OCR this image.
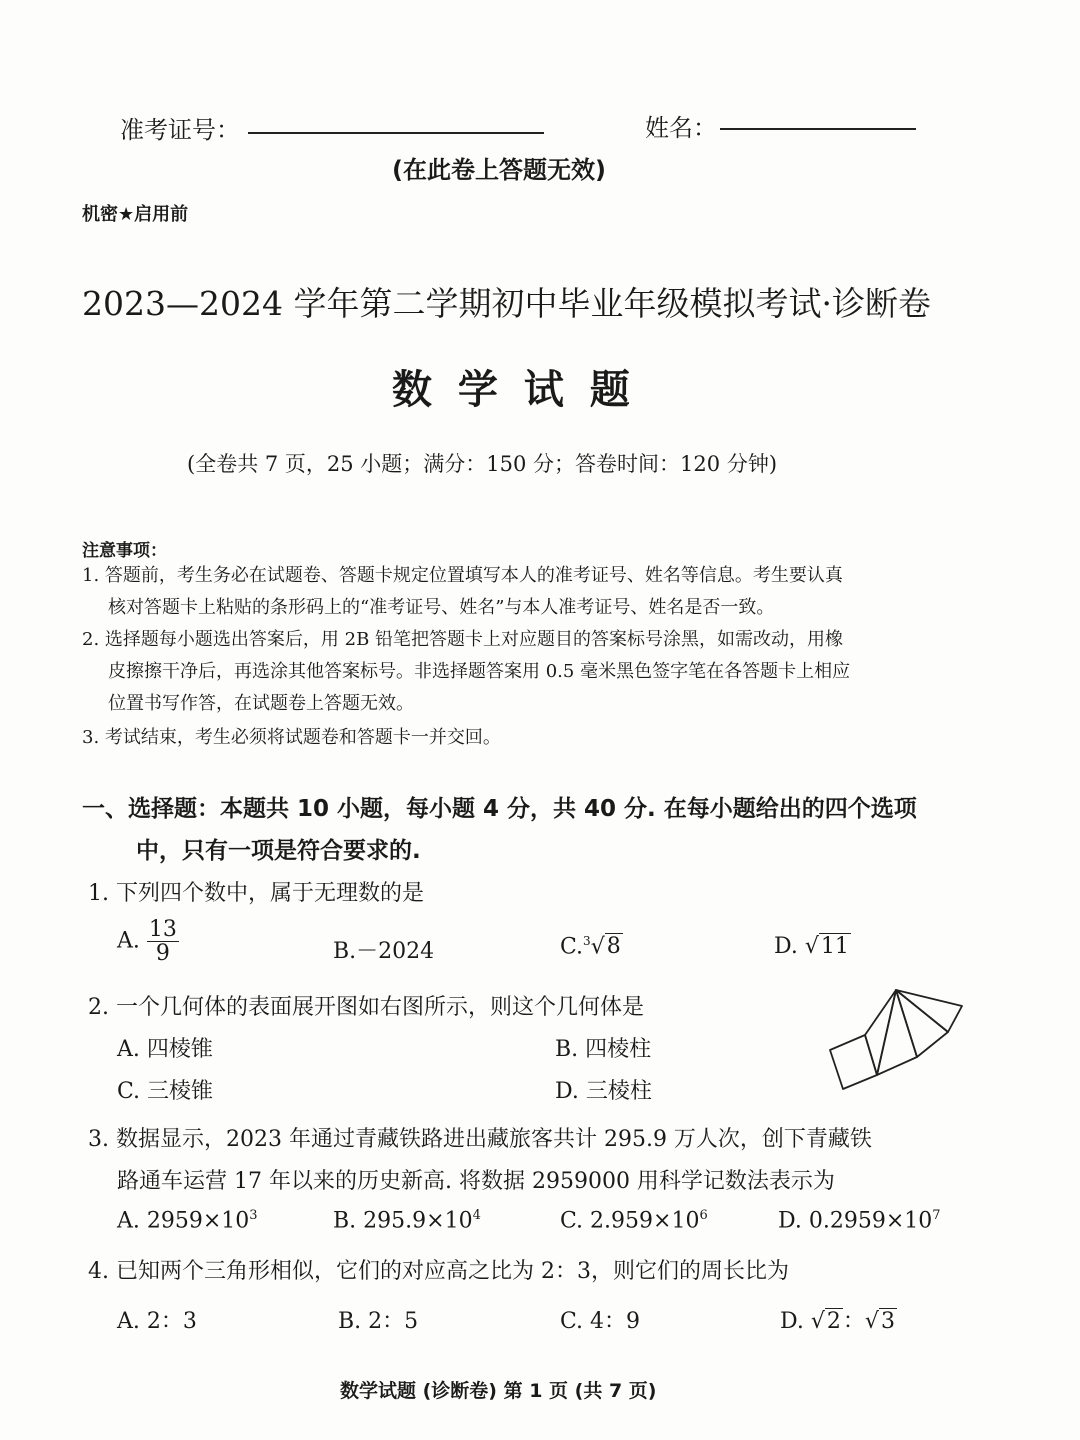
准考证号：	姓名：
(在此卷上答题无效)
机密★启用前
2023—2024 学年第二学期初中毕业年级模拟考试·诊断卷
数 学 试 题
(全卷共 7 页，25 小题；满分：150 分；答卷时间：120 分钟)
注意事项：
1. 答题前，考生务必在试题卷、答题卡规定位置填写本人的准考证号、姓名等信息。考生要认真
核对答题卡上粘贴的条形码上的“准考证号、姓名”与本人准考证号、姓名是否一致。
2. 选择题每小题选出答案后，用 2B 铅笔把答题卡上对应题目的答案标号涂黑，如需改动，用橡
皮擦擦干净后，再选涂其他答案标号。非选择题答案用 0.5 毫米黑色签字笔在各答题卡上相应
位置书写作答，在试题卷上答题无效。
3. 考试结束，考生必须将试题卷和答题卡一并交回。
一、选择题：本题共 10 小题，每小题 4 分，共 40 分. 在每小题给出的四个选项
中，只有一项是符合要求的.
1. 下列四个数中，属于无理数的是
A. $\frac{13}{9}$	B.－2024	C.$^3$√8	D. √11
2. 一个几何体的表面展开图如右图所示，则这个几何体是
A. 四棱锥	B. 四棱柱
C. 三棱锥	D. 三棱柱
3. 数据显示，2023 年通过青藏铁路进出藏旅客共计 295.9 万人次，创下青藏铁
路通车运营 17 年以来的历史新高. 将数据 2959000 用科学记数法表示为
A. $2959\times 10^3$	B. $295.9\times 10^4$	C. $2.959\times 10^6$	D. $0.2959\times 10^7$
4. 已知两个三角形相似，它们的对应高之比为 2：3，则它们的周长比为
A. 2：3	B. 2：5	C. 4：9	D. √2：√3
数学试题 (诊断卷) 第 1 页 (共 7 页)
